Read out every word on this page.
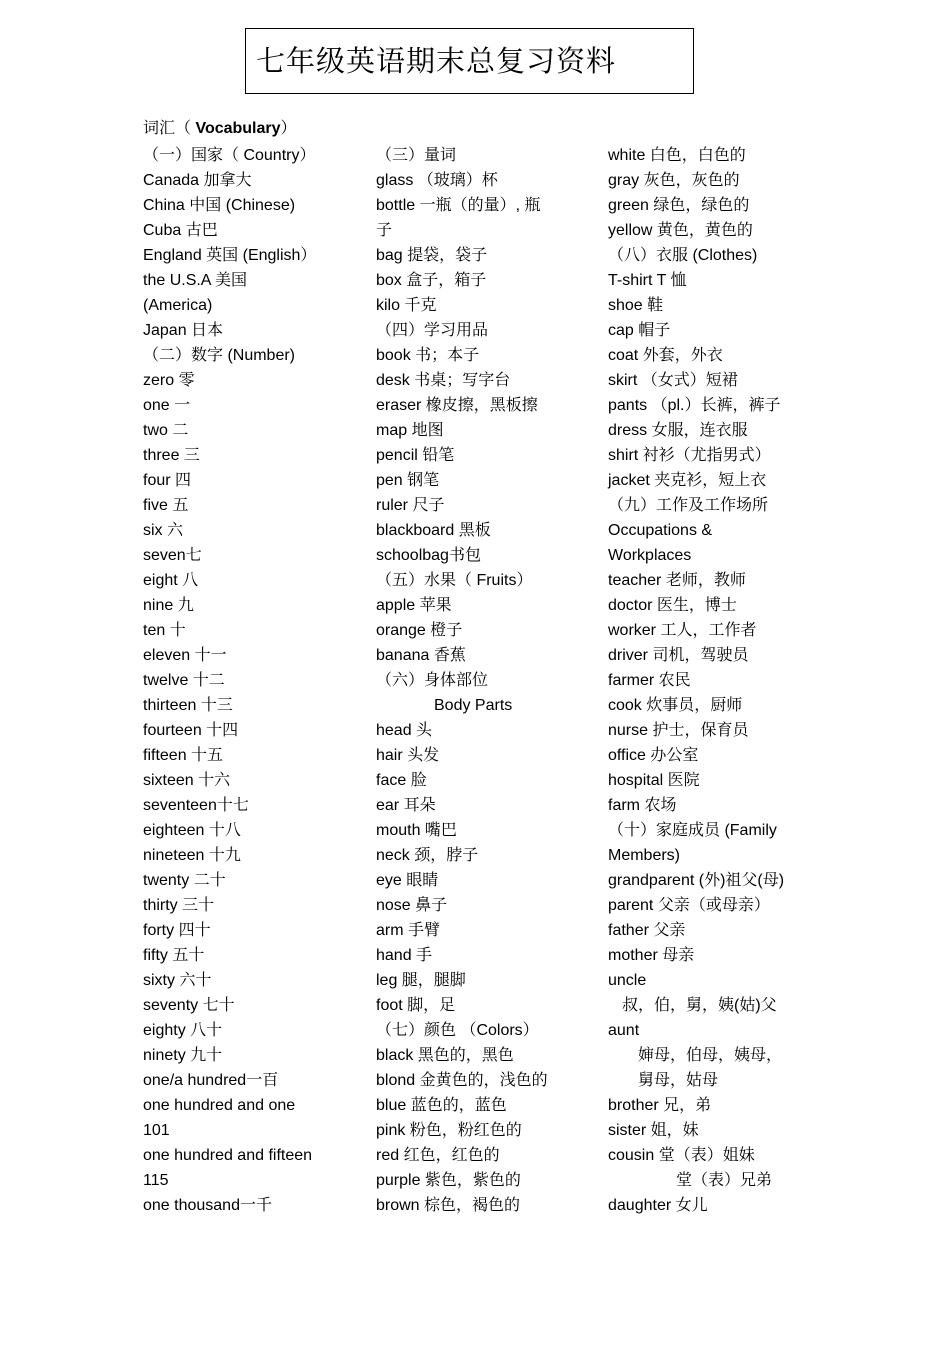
七年级英语期末总复习资料
词汇（ Vocabulary）
（一）国家（ Country）
Canada 加拿大
China 中国 (Chinese)
Cuba 古巴
England 英国 (English）
the U.S.A 美国
(America)
Japan 日本
（二）数字 (Number)
zero 零
one 一
two 二
three 三
four 四
five 五
six 六
seven七
eight 八
nine 九
ten 十
eleven 十一
twelve 十二
thirteen 十三
fourteen 十四
fifteen 十五
sixteen 十六
seventeen十七
eighteen 十八
nineteen 十九
twenty 二十
thirty 三十
forty 四十
fifty 五十
sixty 六十
seventy 七十
eighty 八十
ninety 九十
one/a hundred一百
one hundred and one
101
one hundred and fifteen
115
one thousand一千
（三）量词
glass （玻璃）杯
bottle 一瓶（的量）, 瓶
子
bag 提袋，袋子
box 盒子，箱子
kilo 千克
（四）学习用品
book 书；本子
desk 书桌；写字台
eraser 橡皮擦，黑板擦
map 地图
pencil 铅笔
pen 钢笔
ruler 尺子
blackboard 黑板
schoolbag书包
（五）水果（ Fruits）
apple 苹果
orange 橙子
banana 香蕉
（六）身体部位
Body Parts
head 头
hair 头发
face 脸
ear 耳朵
mouth 嘴巴
neck 颈，脖子
eye 眼睛
nose 鼻子
arm 手臂
hand 手
leg 腿，腿脚
foot 脚，足
（七）颜色 （Colors）
black 黑色的，黑色
blond 金黄色的，浅色的
blue 蓝色的，蓝色
pink 粉色，粉红色的
red 红色，红色的
purple 紫色，紫色的
brown 棕色，褐色的
white 白色，白色的
gray 灰色，灰色的
green 绿色，绿色的
yellow 黄色，黄色的
（八）衣服 (Clothes)
T-shirt T 恤
shoe 鞋
cap 帽子
coat 外套，外衣
skirt （女式）短裙
pants （pl.）长裤，裤子
dress 女服，连衣服
shirt 衬衫（尤指男式）
jacket 夹克衫，短上衣
（九）工作及工作场所
Occupations &
Workplaces
teacher 老师，教师
doctor 医生，博士
worker 工人，工作者
driver 司机，驾驶员
farmer 农民
cook 炊事员，厨师
nurse 护士，保育员
office 办公室
hospital 医院
farm 农场
（十）家庭成员 (Family
Members)
grandparent (外)祖父(母)
parent 父亲（或母亲）
father 父亲
mother 母亲
uncle
叔，伯，舅，姨(姑)父
aunt
婶母，伯母，姨母，
舅母，姑母
brother 兄，弟
sister 姐，妹
cousin 堂（表）姐妹
堂（表）兄弟
daughter 女儿
